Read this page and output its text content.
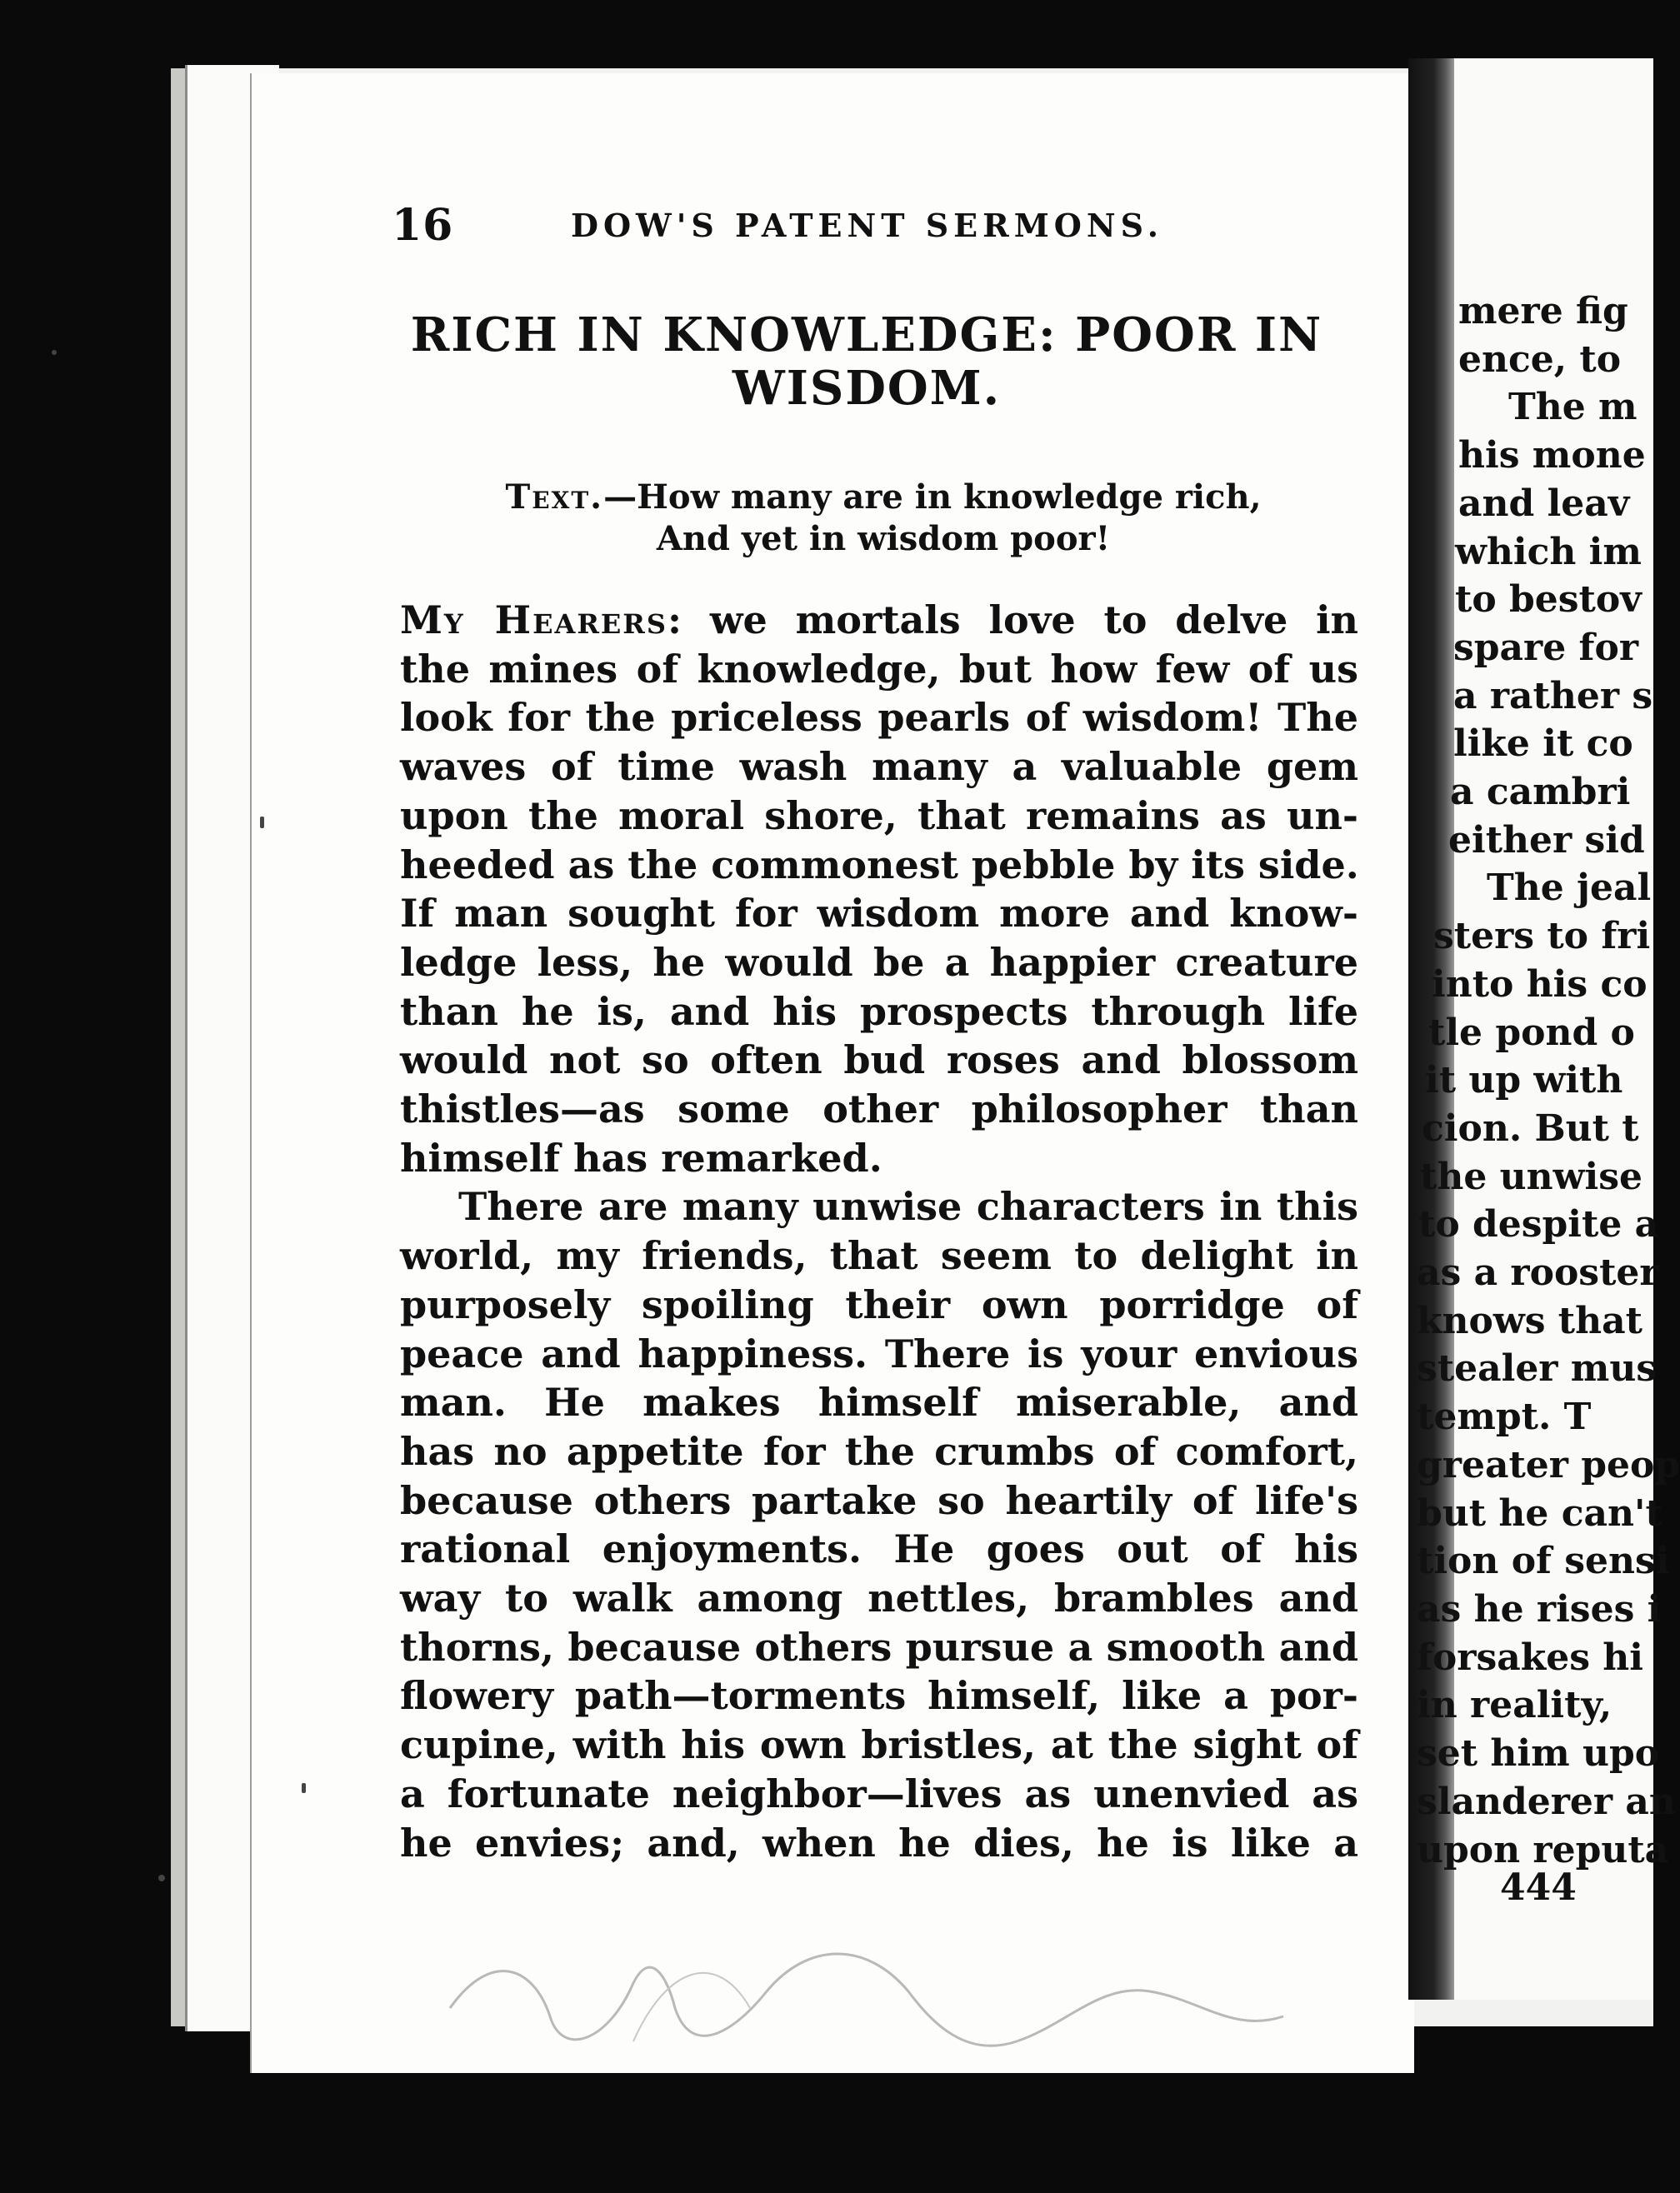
16	DOW'S PATENT SERMONS.
RICH IN KNOWLEDGE: POOR IN
WISDOM.
Text.—How many are in knowledge rich,
And yet in wisdom poor!
My Hearers: we mortals love to delve in
the mines of knowledge, but how few of us
look for the priceless pearls of wisdom! The
waves of time wash many a valuable gem
upon the moral shore, that remains as un-
heeded as the commonest pebble by its side.
If man sought for wisdom more and know-
ledge less, he would be a happier creature
than he is, and his prospects through life
would not so often bud roses and blossom
thistles—as some other philosopher than
himself has remarked.
There are many unwise characters in this
world, my friends, that seem to delight in
purposely spoiling their own porridge of
peace and happiness. There is your envious
man. He makes himself miserable, and
has no appetite for the crumbs of comfort,
because others partake so heartily of life's
rational enjoyments. He goes out of his
way to walk among nettles, brambles and
thorns, because others pursue a smooth and
flowery path—torments himself, like a por-
cupine, with his own bristles, at the sight of
a fortunate neighbor—lives as unenvied as
he envies; and, when he dies, he is like a
mere fig
ence, to
The m
his mone
and leav
which im
to bestov
spare for
a rather s
like it co
a cambri
either sid
The jeal
sters to fri
into his co
tle pond o
it up with
cion. But t
the unwise
to despite a
as a rooster
knows that
stealer mus
tempt. T
greater peop
but he can't
tion of sensi
as he rises i
forsakes hi
in reality,
set him upo
slanderer an
upon reputa
444
